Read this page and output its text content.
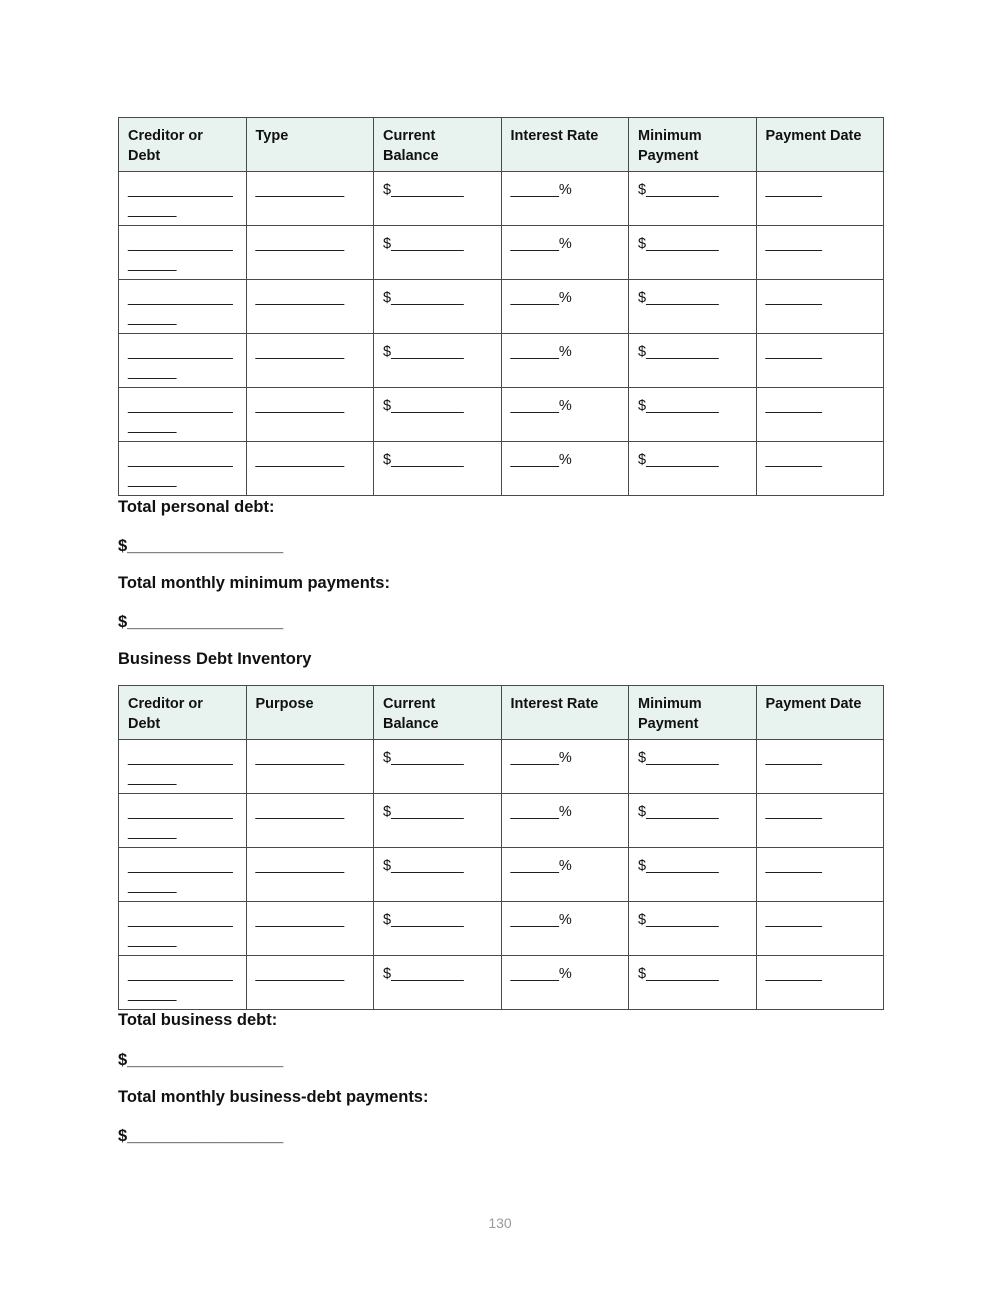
Creditor or Debt	Type	Current Balance	Interest Rate	Minimum Payment	Payment Date
___________________	___________	$_________	______%	$_________	_______
___________________	___________	$_________	______%	$_________	_______
___________________	___________	$_________	______%	$_________	_______
___________________	___________	$_________	______%	$_________	_______
___________________	___________	$_________	______%	$_________	_______
___________________	___________	$_________	______%	$_________	_______
Total personal debt:
$_________________
Total monthly minimum payments:
$_________________
Business Debt Inventory
Creditor or Debt	Purpose	Current Balance	Interest Rate	Minimum Payment	Payment Date
___________________	___________	$_________	______%	$_________	_______
___________________	___________	$_________	______%	$_________	_______
___________________	___________	$_________	______%	$_________	_______
___________________	___________	$_________	______%	$_________	_______
___________________	___________	$_________	______%	$_________	_______
Total business debt:
$_________________
Total monthly business-debt payments:
$_________________
130
